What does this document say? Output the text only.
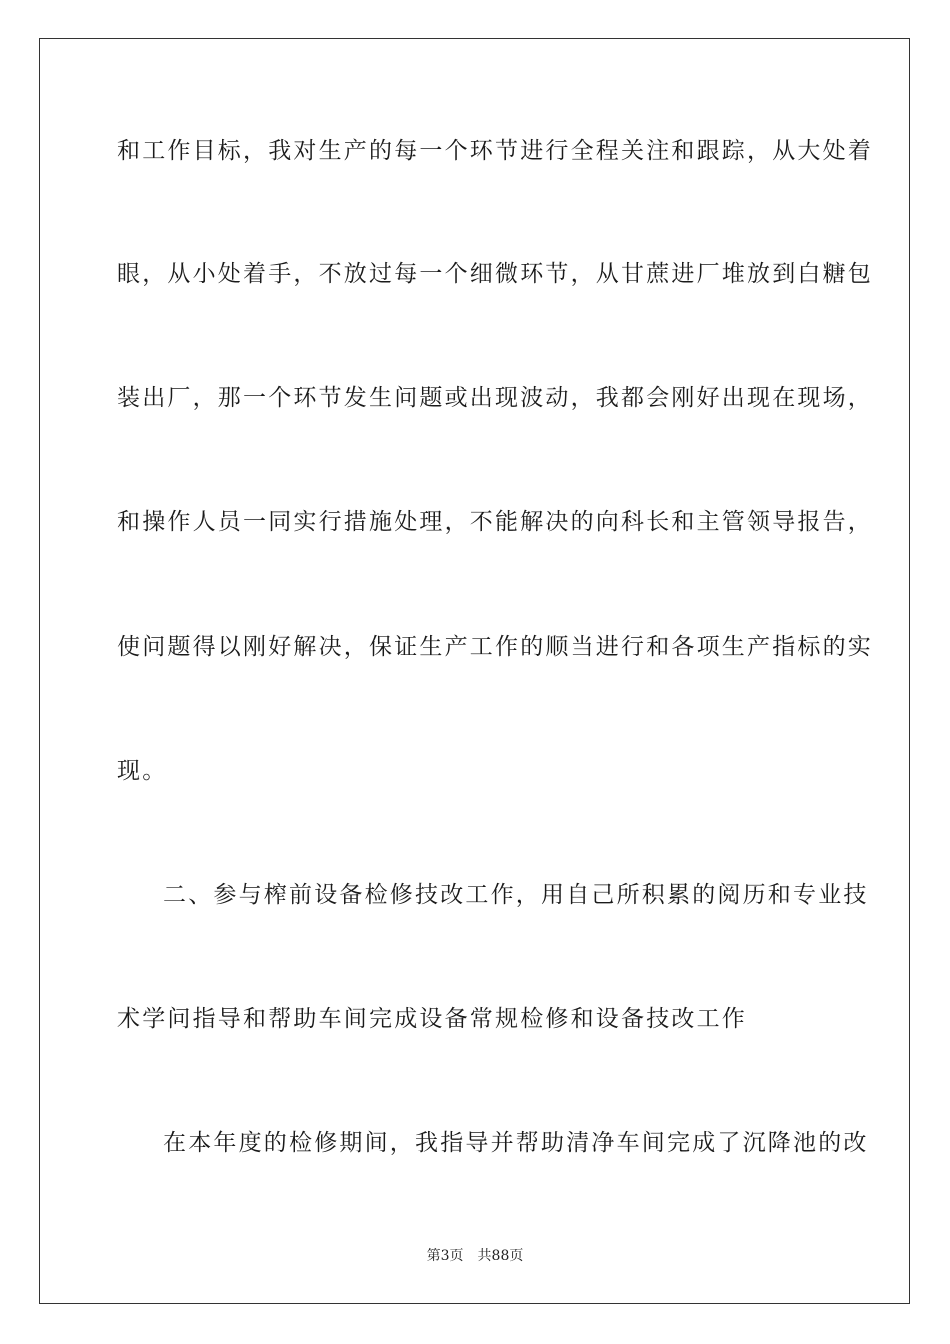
和工作目标，我对生产的每一个环节进行全程关注和跟踪，从大处着
眼，从小处着手，不放过每一个细微环节，从甘蔗进厂堆放到白糖包
装出厂，那一个环节发生问题或出现波动，我都会刚好出现在现场，
和操作人员一同实行措施处理，不能解决的向科长和主管领导报告，
使问题得以刚好解决，保证生产工作的顺当进行和各项生产指标的实
现。
二、参与榨前设备检修技改工作，用自己所积累的阅历和专业技
术学问指导和帮助车间完成设备常规检修和设备技改工作
在本年度的检修期间，我指导并帮助清净车间完成了沉降池的改
第3页 共88页
